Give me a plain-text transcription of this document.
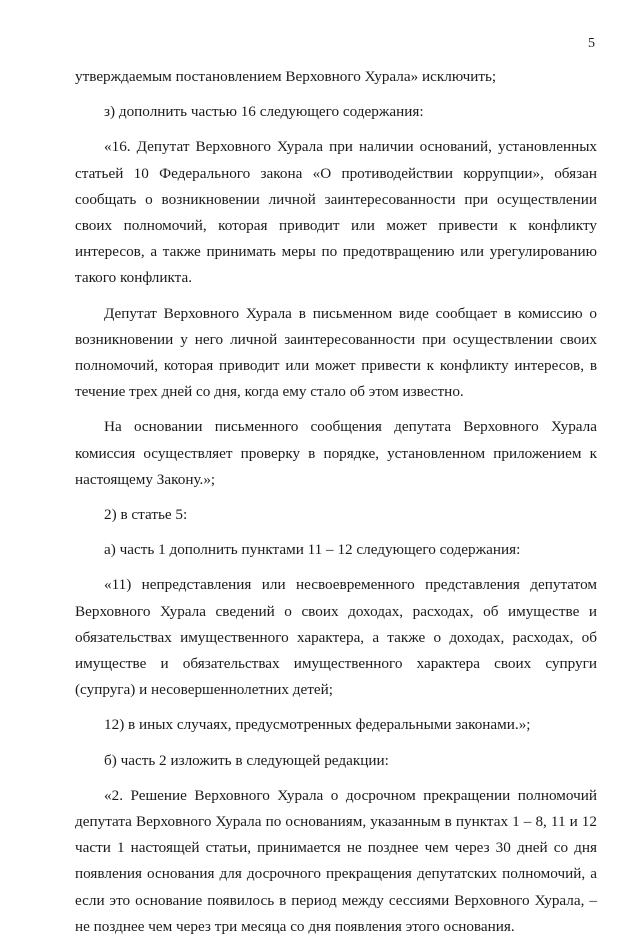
5

утверждаемым постановлением Верховного Хурала» исключить;

з) дополнить частью 16 следующего содержания:

«16. Депутат Верховного Хурала при наличии оснований, установленных статьей 10 Федерального закона «О противодействии коррупции», обязан сообщать о возникновении личной заинтересованности при осуществлении своих полномочий, которая приводит или может привести к конфликту интересов, а также принимать меры по предотвращению или урегулированию такого конфликта.

Депутат Верховного Хурала в письменном виде сообщает в комиссию о возникновении у него личной заинтересованности при осуществлении своих полномочий, которая приводит или может привести к конфликту интересов, в течение трех дней со дня, когда ему стало об этом известно.

На основании письменного сообщения депутата Верховного Хурала комиссия осуществляет проверку в порядке, установленном приложением к настоящему Закону.»;

2) в статье 5:

а) часть 1 дополнить пунктами 11 – 12 следующего содержания:

«11) непредставления или несвоевременного представления депутатом Верховного Хурала сведений о своих доходах, расходах, об имуществе и обязательствах имущественного характера, а также о доходах, расходах, об имуществе и обязательствах имущественного характера своих супруги (супруга) и несовершеннолетних детей;

12) в иных случаях, предусмотренных федеральными законами.»;

б) часть 2 изложить в следующей редакции:

«2. Решение Верховного Хурала о досрочном прекращении полномочий депутата Верховного Хурала по основаниям, указанным в пунктах 1 – 8, 11 и 12 части 1 настоящей статьи, принимается не позднее чем через 30 дней со дня появления основания для досрочного прекращения депутатских полномочий, а если это основание появилось в период между сессиями Верховного Хурала, – не позднее чем через три месяца со дня появления этого основания.
